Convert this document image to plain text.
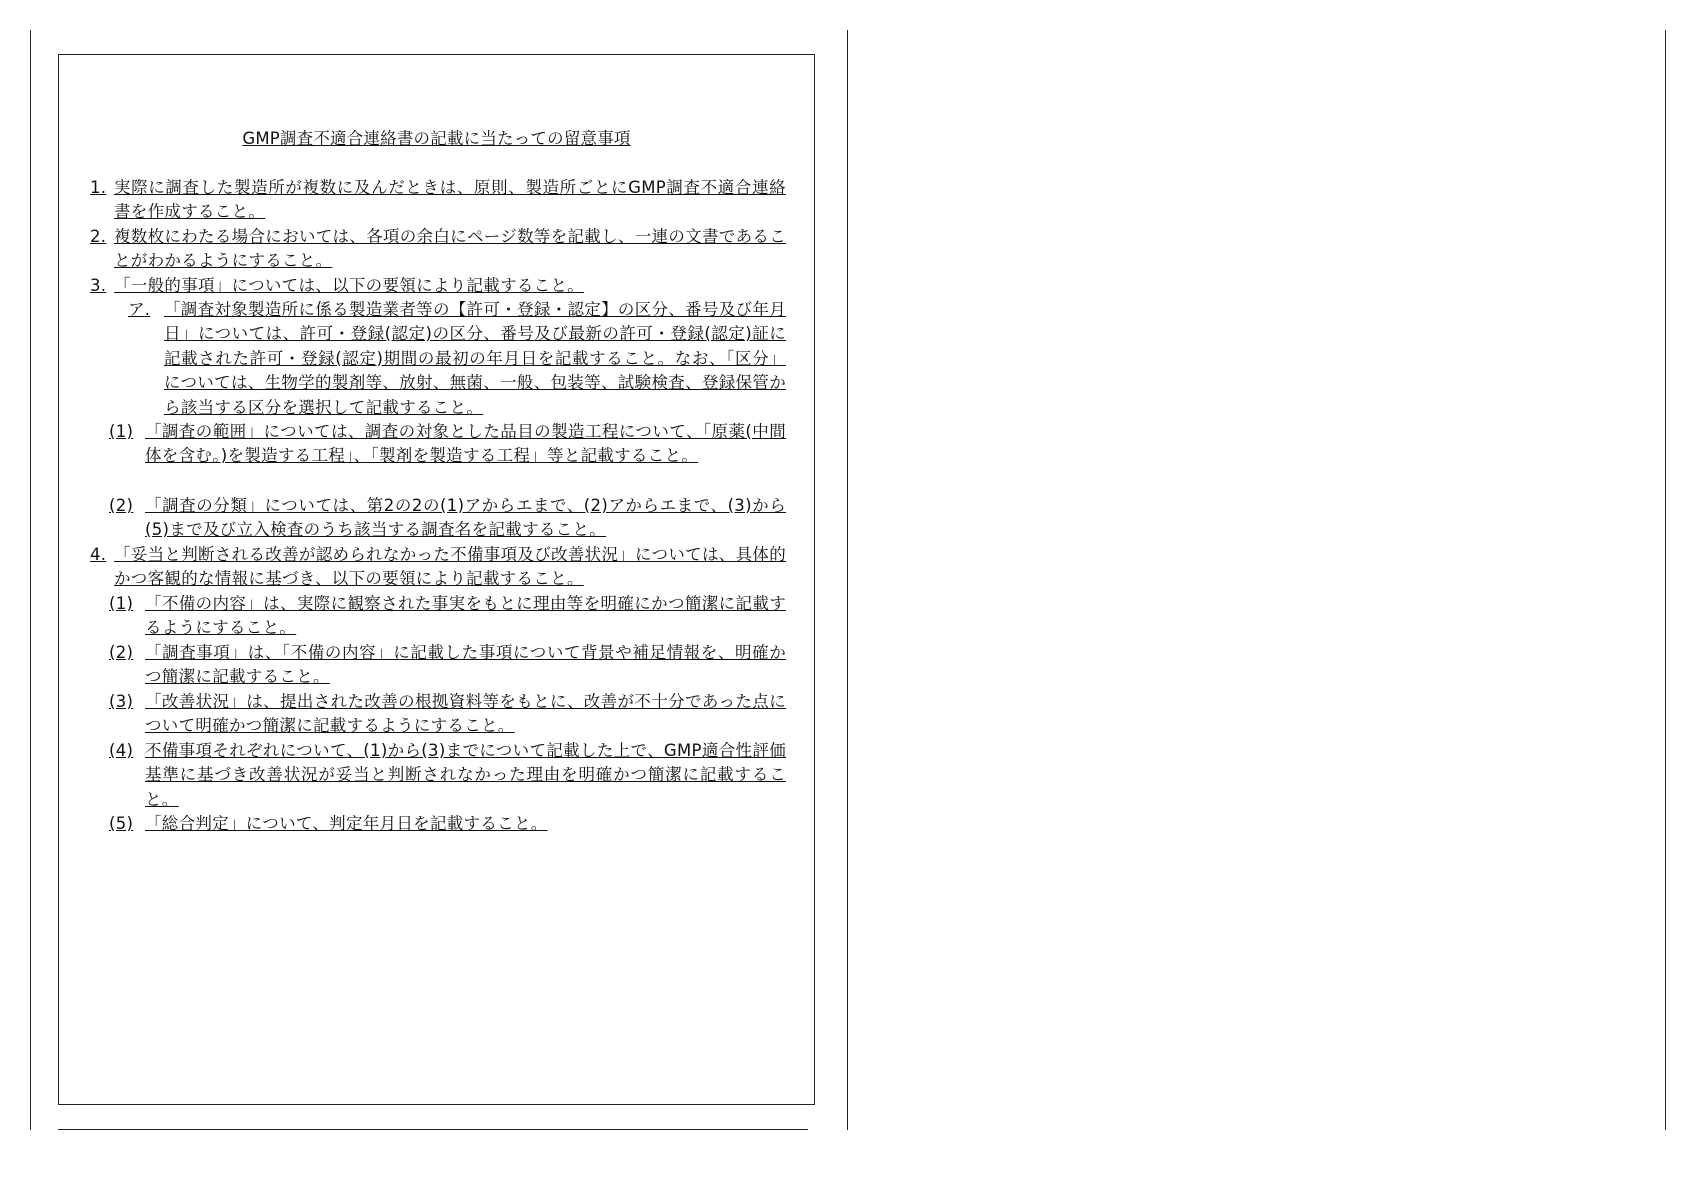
GMP調査不適合連絡書の記載に当たっての留意事項
1. 実際に調査した製造所が複数に及んだときは、原則、製造所ごとにGMP調査不適合連絡書を作成すること。
2. 複数枚にわたる場合においては、各項の余白にページ数等を記載し、一連の文書であることがわかるようにすること。
3. 「一般的事項」については、以下の要領により記載すること。
ア. 「調査対象製造所に係る製造業者等の【許可・登録・認定】の区分、番号及び年月日」については、許可・登録(認定)の区分、番号及び最新の許可・登録(認定)証に記載された許可・登録(認定)期間の最初の年月日を記載すること。なお、「区分」については、生物学的製剤等、放射、無菌、一般、包装等、試験検査、登録保管から該当する区分を選択して記載すること。
(1) 「調査の範囲」については、調査の対象とした品目の製造工程について、「原薬(中間体を含む。)を製造する工程」、「製剤を製造する工程」等と記載すること。
(2) 「調査の分類」については、第2の2の(1)アからエまで、(2)アからエまで、(3)から(5)まで及び立入検査のうち該当する調査名を記載すること。
4. 「妥当と判断される改善が認められなかった不備事項及び改善状況」については、具体的かつ客観的な情報に基づき、以下の要領により記載すること。
(1) 「不備の内容」は、実際に観察された事実をもとに理由等を明確にかつ簡潔に記載するようにすること。
(2) 「調査事項」は、「不備の内容」に記載した事項について背景や補足情報を、明確かつ簡潔に記載すること。
(3) 「改善状況」は、提出された改善の根拠資料等をもとに、改善が不十分であった点について明確かつ簡潔に記載するようにすること。
(4) 不備事項それぞれについて、(1)から(3)までについて記載した上で、GMP適合性評価基準に基づき改善状況が妥当と判断されなかった理由を明確かつ簡潔に記載すること。
(5) 「総合判定」について、判定年月日を記載すること。
